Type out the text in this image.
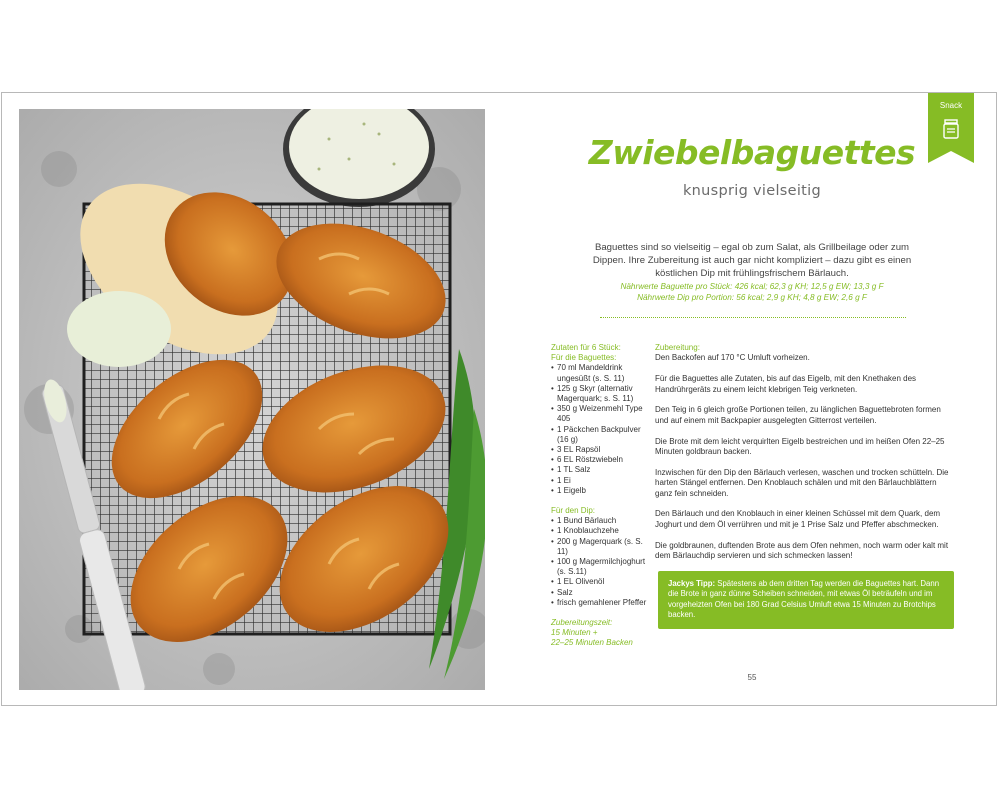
Snack
Zwiebelbaguettes
knusprig vielseitig
Baguettes sind so vielseitig – egal ob zum Salat, als Grillbeilage oder zum Dippen. Ihre Zubereitung ist auch gar nicht kompliziert – dazu gibt es einen köstlichen Dip mit frühlingsfrischem Bärlauch.
Nährwerte Baguette pro Stück: 426 kcal; 62,3 g KH; 12,5 g EW; 13,3 g F
Nährwerte Dip pro Portion: 56 kcal; 2,9 g KH; 4,8 g EW; 2,6 g F
Zutaten für 6 Stück:
Für die Baguettes:
• 70 ml Mandeldrink ungesüßt (s. S. 11)
• 125 g Skyr (alternativ Magerquark; s. S. 11)
• 350 g Weizenmehl Type 405
• 1 Päckchen Backpulver (16 g)
• 3 EL Rapsöl
• 6 EL Röstzwiebeln
• 1 TL Salz
• 1 Ei
• 1 Eigelb
Für den Dip:
• 1 Bund Bärlauch
• 1 Knoblauchzehe
• 200 g Magerquark (s. S. 11)
• 100 g Magermilchjoghurt (s. S.11)
• 1 EL Olivenöl
• Salz
• frisch gemahlener Pfeffer
Zubereitungszeit:
15 Minuten +
22–25 Minuten Backen
Zubereitung:

Den Backofen auf 170 °C Umluft vorheizen.

Für die Baguettes alle Zutaten, bis auf das Eigelb, mit den Knethaken des Handrührgeräts zu einem leicht klebrigen Teig verkneten.

Den Teig in 6 gleich große Portionen teilen, zu länglichen Baguettebroten formen und auf einem mit Backpapier ausgelegten Gitterrost verteilen.

Die Brote mit dem leicht verquirlten Eigelb bestreichen und im heißen Ofen 22–25 Minuten goldbraun backen.

Inzwischen für den Dip den Bärlauch verlesen, waschen und trocken schütteln. Die harten Stängel entfernen. Den Knoblauch schälen und mit den Bärlauchblättern ganz fein schneiden.

Den Bärlauch und den Knoblauch in einer kleinen Schüssel mit dem Quark, dem Joghurt und dem Öl verrühren und mit je 1 Prise Salz und Pfeffer abschmecken.

Die goldbraunen, duftenden Brote aus dem Ofen nehmen, noch warm oder kalt mit dem Bärlauchdip servieren und sich schmecken lassen!

Jackys Tipp: Spätestens ab dem dritten Tag werden die Baguettes hart. Dann die Brote in ganz dünne Scheiben schneiden, mit etwas Öl beträufeln und im vorgeheizten Ofen bei 180 Grad Celsius Umluft etwa 15 Minuten zu Brotchips backen.
55
